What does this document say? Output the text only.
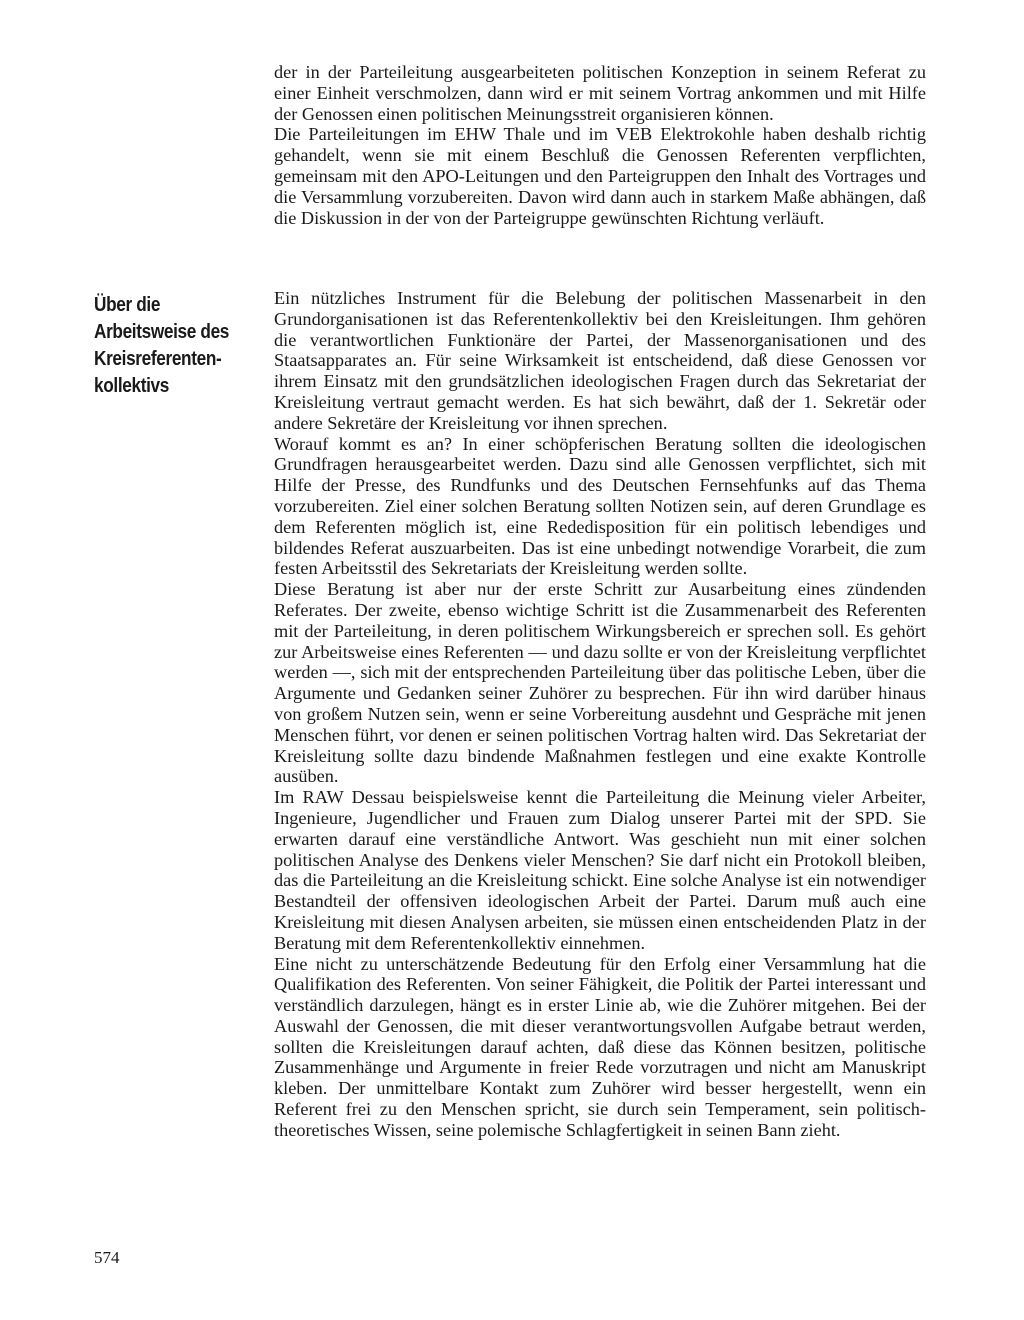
der in der Parteileitung ausgearbeiteten politischen Konzeption in seinem Referat zu einer Einheit verschmolzen, dann wird er mit seinem Vortrag ankommen und mit Hilfe der Genossen einen politischen Meinungsstreit organisieren können.

Die Parteileitungen im EHW Thale und im VEB Elektrokohle haben deshalb richtig gehandelt, wenn sie mit einem Beschluß die Genossen Referenten verpflichten, gemeinsam mit den APO-Leitungen und den Parteigruppen den Inhalt des Vortrages und die Versammlung vorzubereiten. Davon wird dann auch in starkem Maße abhängen, daß die Diskussion in der von der Parteigruppe gewünschten Richtung verläuft.

Über die
Arbeitsweise des
Kreisreferenten-
kollektivs

Ein nützliches Instrument für die Belebung der politischen Massenarbeit in den Grundorganisationen ist das Referentenkollektiv bei den Kreisleitungen. Ihm gehören die verantwortlichen Funktionäre der Partei, der Massenorganisationen und des Staatsapparates an. Für seine Wirksamkeit ist entscheidend, daß diese Genossen vor ihrem Einsatz mit den grundsätzlichen ideologischen Fragen durch das Sekretariat der Kreisleitung vertraut gemacht werden. Es hat sich bewährt, daß der 1. Sekretär oder andere Sekretäre der Kreisleitung vor ihnen sprechen.

Worauf kommt es an? In einer schöpferischen Beratung sollten die ideologischen Grundfragen herausgearbeitet werden. Dazu sind alle Genossen verpflichtet, sich mit Hilfe der Presse, des Rundfunks und des Deutschen Fernsehfunks auf das Thema vorzubereiten. Ziel einer solchen Beratung sollten Notizen sein, auf deren Grundlage es dem Referenten möglich ist, eine Rededisposition für ein politisch lebendiges und bildendes Referat auszuarbeiten. Das ist eine unbedingt notwendige Vorarbeit, die zum festen Arbeitsstil des Sekretariats der Kreisleitung werden sollte.

Diese Beratung ist aber nur der erste Schritt zur Ausarbeitung eines zündenden Referates. Der zweite, ebenso wichtige Schritt ist die Zusammenarbeit des Referenten mit der Parteileitung, in deren politischem Wirkungsbereich er sprechen soll. Es gehört zur Arbeitsweise eines Referenten — und dazu sollte er von der Kreisleitung verpflichtet werden —, sich mit der entsprechenden Parteileitung über das politische Leben, über die Argumente und Gedanken seiner Zuhörer zu besprechen. Für ihn wird darüber hinaus von großem Nutzen sein, wenn er seine Vorbereitung ausdehnt und Gespräche mit jenen Menschen führt, vor denen er seinen politischen Vortrag halten wird. Das Sekretariat der Kreisleitung sollte dazu bindende Maßnahmen festlegen und eine exakte Kontrolle ausüben.

Im RAW Dessau beispielsweise kennt die Parteileitung die Meinung vieler Arbeiter, Ingenieure, Jugendlicher und Frauen zum Dialog unserer Partei mit der SPD. Sie erwarten darauf eine verständliche Antwort. Was geschieht nun mit einer solchen politischen Analyse des Denkens vieler Menschen? Sie darf nicht ein Protokoll bleiben, das die Parteileitung an die Kreisleitung schickt. Eine solche Analyse ist ein notwendiger Bestandteil der offensiven ideologischen Arbeit der Partei. Darum muß auch eine Kreisleitung mit diesen Analysen arbeiten, sie müssen einen entscheidenden Platz in der Beratung mit dem Referentenkollektiv einnehmen.

Eine nicht zu unterschätzende Bedeutung für den Erfolg einer Versammlung hat die Qualifikation des Referenten. Von seiner Fähigkeit, die Politik der Partei interessant und verständlich darzulegen, hängt es in erster Linie ab, wie die Zuhörer mitgehen. Bei der Auswahl der Genossen, die mit dieser verantwortungsvollen Aufgabe betraut werden, sollten die Kreisleitungen darauf achten, daß diese das Können besitzen, politische Zusammenhänge und Argumente in freier Rede vorzutragen und nicht am Manuskript kleben. Der unmittelbare Kontakt zum Zuhörer wird besser hergestellt, wenn ein Referent frei zu den Menschen spricht, sie durch sein Temperament, sein politisch-theoretisches Wissen, seine polemische Schlagfertigkeit in seinen Bann zieht.

574
